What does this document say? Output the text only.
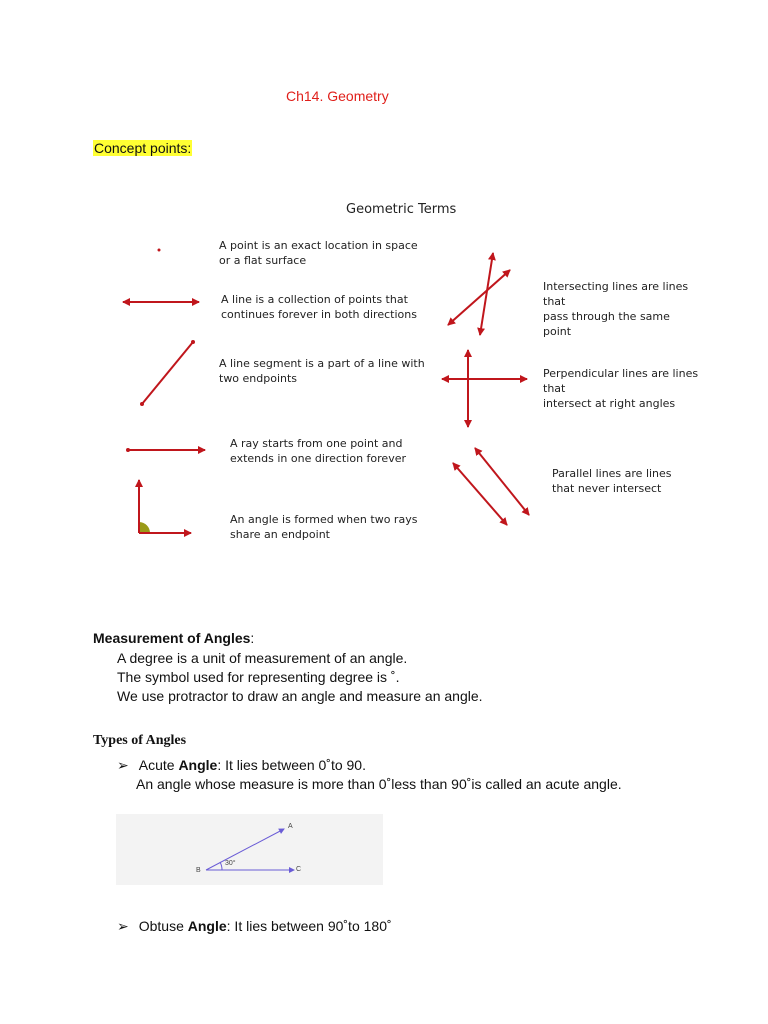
Ch14. Geometry
Concept points:
Geometric Terms
A point is an exact location in space
or a flat surface
A line is a collection of points that
continues forever in both directions
A line segment is a part of a line with
two endpoints
A ray starts from one point and
extends in one direction forever
An angle is formed when two rays
share an endpoint
Intersecting lines are lines that
pass through the same point
Perpendicular lines are lines that
intersect at right angles
Parallel lines are lines
that never intersect
Measurement of Angles:
A degree is a unit of measurement of an angle.
The symbol used for representing degree is ˚.
We use protractor to draw an angle and measure an angle.
Types of Angles
➢ Acute Angle: It lies between 0˚to 90.
An angle whose measure is more than 0˚less than 90˚is called an acute angle.
A
B	C
30°
➢ Obtuse Angle: It lies between 90˚to 180˚
